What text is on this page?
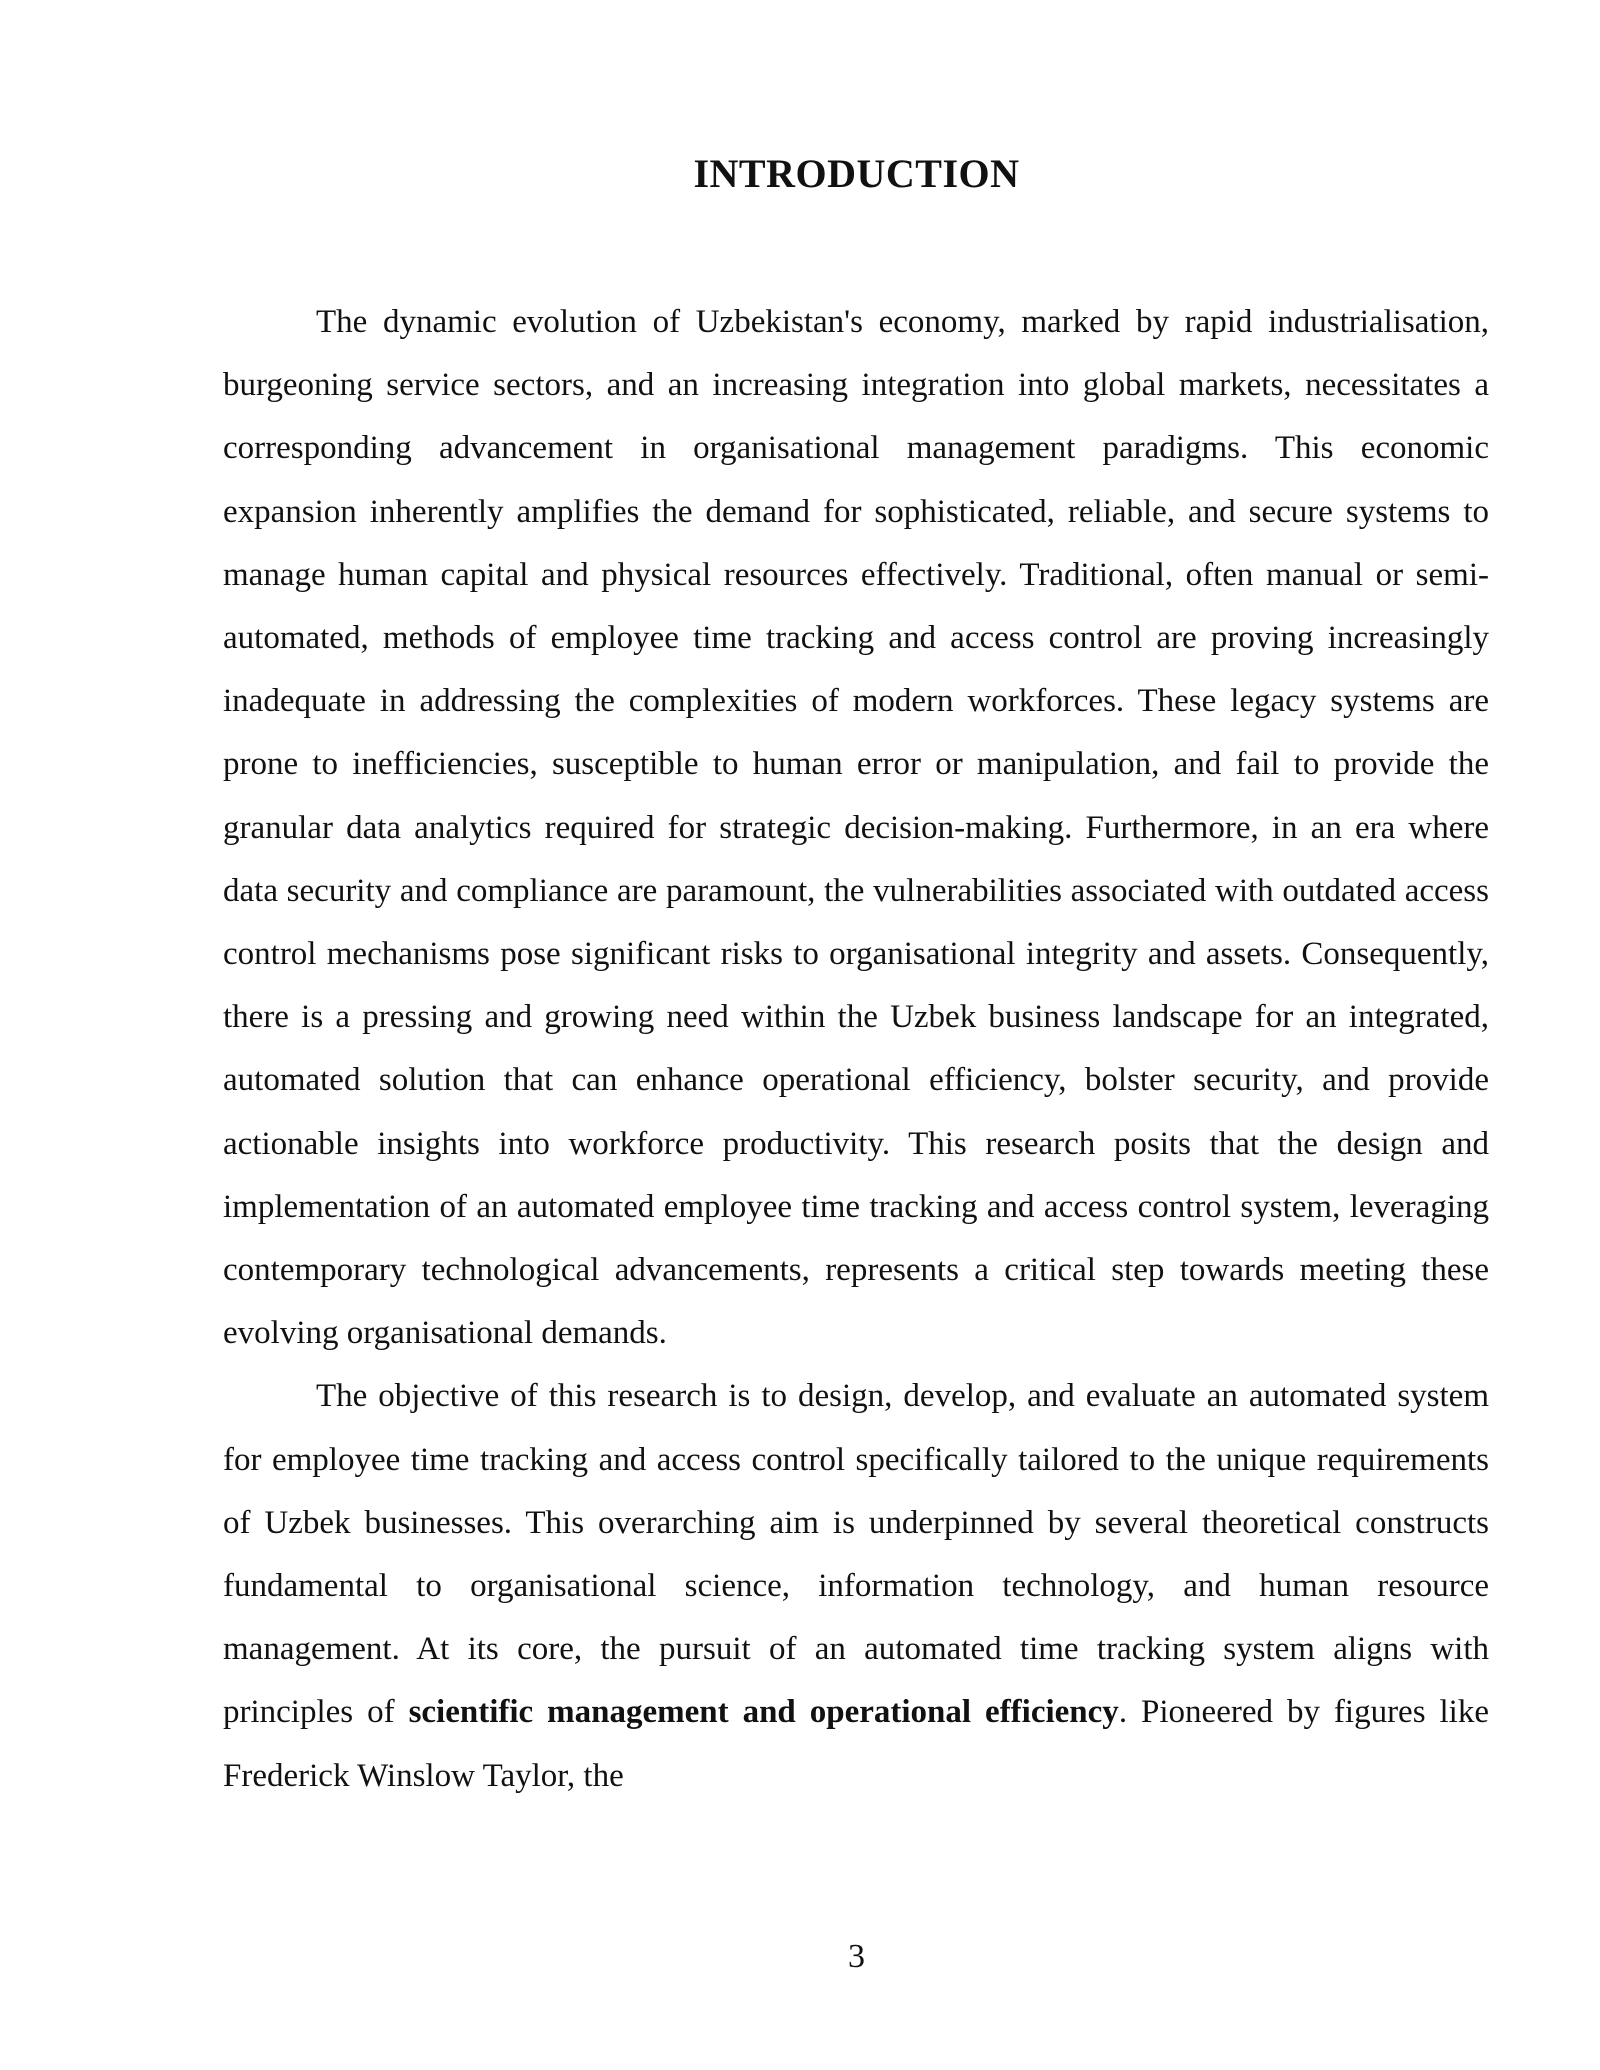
INTRODUCTION

The dynamic evolution of Uzbekistan's economy, marked by rapid industrialisation, burgeoning service sectors, and an increasing integration into global markets, necessitates a corresponding advancement in organisational management paradigms. This economic expansion inherently amplifies the demand for sophisticated, reliable, and secure systems to manage human capital and physical resources effectively. Traditional, often manual or semi-automated, methods of employee time tracking and access control are proving increasingly inadequate in addressing the complexities of modern workforces. These legacy systems are prone to inefficiencies, susceptible to human error or manipulation, and fail to provide the granular data analytics required for strategic decision-making. Furthermore, in an era where data security and compliance are paramount, the vulnerabilities associated with outdated access control mechanisms pose significant risks to organisational integrity and assets. Consequently, there is a pressing and growing need within the Uzbek business landscape for an integrated, automated solution that can enhance operational efficiency, bolster security, and provide actionable insights into workforce productivity. This research posits that the design and implementation of an automated employee time tracking and access control system, leveraging contemporary technological advancements, represents a critical step towards meeting these evolving organisational demands.

The objective of this research is to design, develop, and evaluate an automated system for employee time tracking and access control specifically tailored to the unique requirements of Uzbek businesses. This overarching aim is underpinned by several theoretical constructs fundamental to organisational science, information technology, and human resource management. At its core, the pursuit of an automated time tracking system aligns with principles of scientific management and operational efficiency. Pioneered by figures like Frederick Winslow Taylor, the

3
